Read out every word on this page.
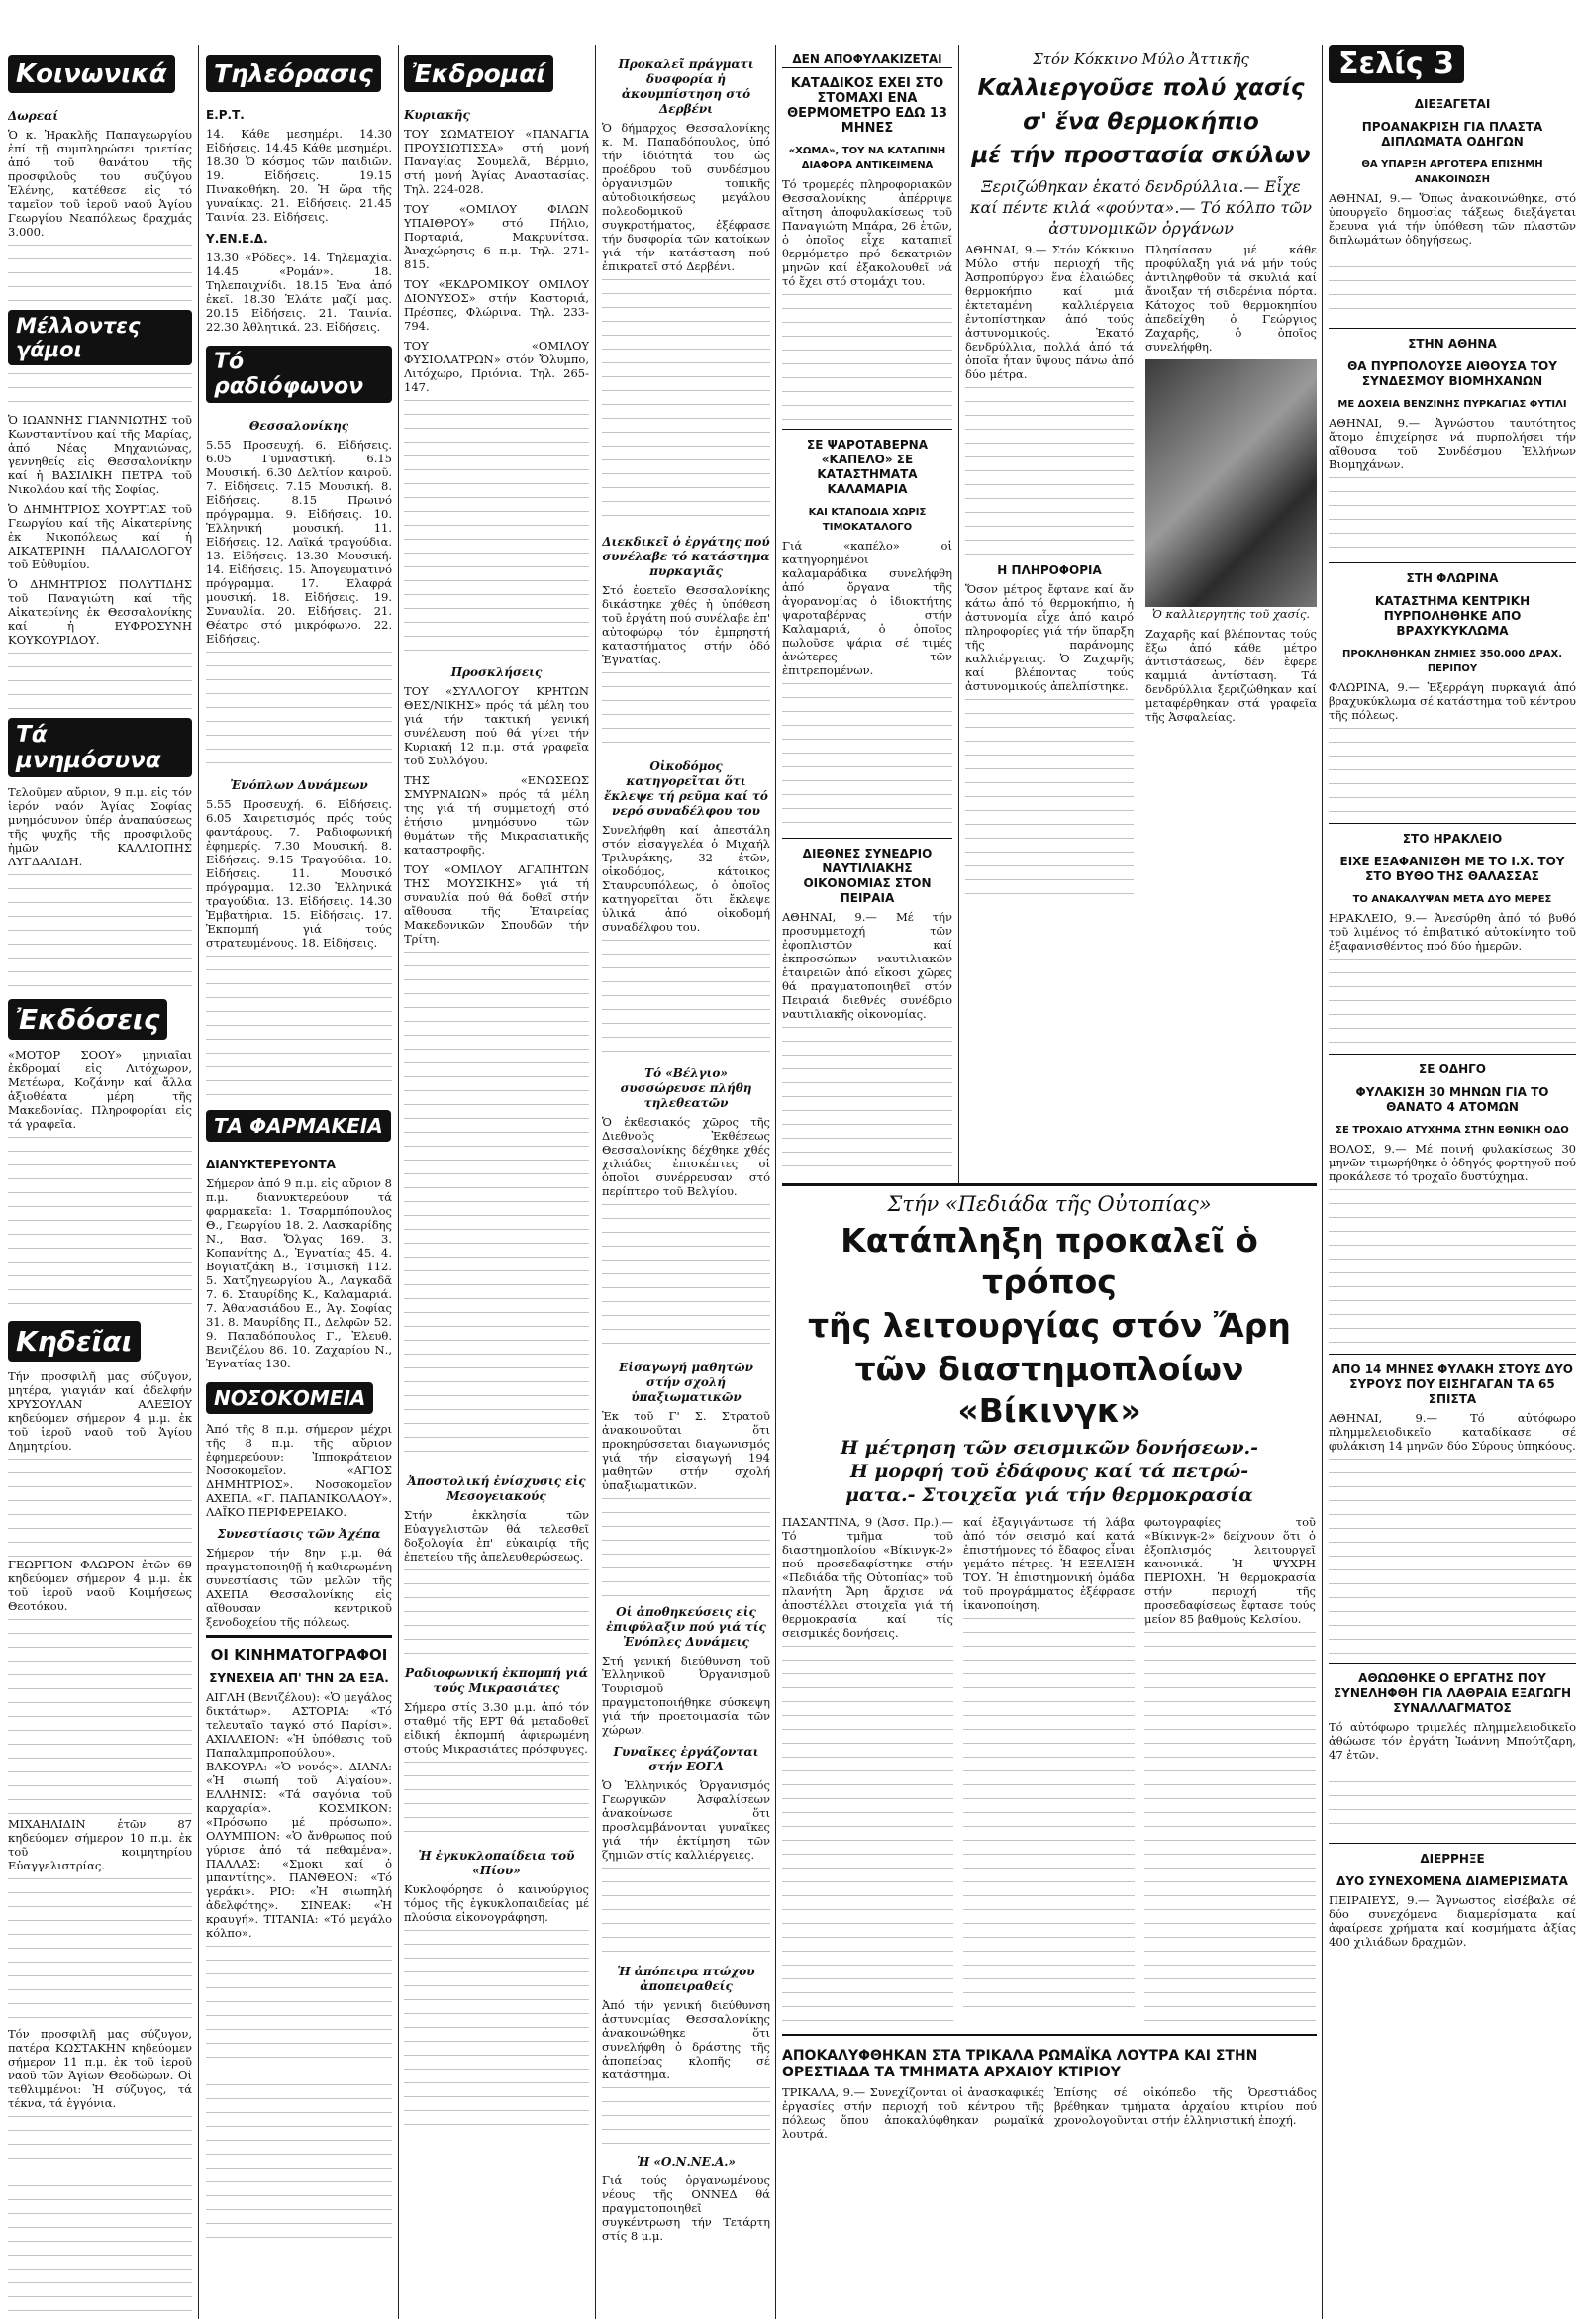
Κοινωνικά
Δωρεαί

Ὁ κ. Ἡρακλῆς Παπαγεωργίου ἐπί τῇ συμπληρώσει τριετίας ἀπό τοῦ θανάτου τῆς προσφιλοῦς του συζύγου Ἐλένης, κατέθεσε εἰς τό ταμεῖον τοῦ ἱεροῦ ναοῦ Ἁγίου Γεωργίου Νεαπόλεως δραχμάς 3.000.

Μέλλοντες γάμοι

Ὁ ΙΩΑΝΝΗΣ ΓΙΑΝΝΙΩΤΗΣ τοῦ Κωνσταντίνου καί τῆς Μαρίας, ἀπό Νέας Μηχανιώνας, γεννηθείς εἰς Θεσσαλονίκην καί ἡ ΒΑΣΙΛΙΚΗ ΠΕΤΡΑ τοῦ Νικολάου καί τῆς Σοφίας.

Ὁ ΔΗΜΗΤΡΙΟΣ ΧΟΥΡΤΙΑΣ τοῦ Γεωργίου καί τῆς Αἰκατερίνης ἐκ Νικοπόλεως καί ἡ ΑΙΚΑΤΕΡΙΝΗ ΠΑΛΑΙΟΛΟΓΟΥ τοῦ Εὐθυμίου.

Ὁ ΔΗΜΗΤΡΙΟΣ ΠΟΛΥΤΙΔΗΣ τοῦ Παναγιώτη καί τῆς Αἰκατερίνης ἐκ Θεσσαλονίκης καί ἡ ΕΥΦΡΟΣΥΝΗ ΚΟΥΚΟΥΡΙΔΟΥ.

Τά μνημόσυνα

Τελοῦμεν αὔριον, 9 π.μ. εἰς τόν ἱερόν ναόν Ἁγίας Σοφίας μνημόσυνον ὑπέρ ἀναπαύσεως τῆς ψυχῆς τῆς προσφιλοῦς ἡμῶν ΚΑΛΛΙΟΠΗΣ ΛΥΓΔΑΛΙΔΗ.

Ἐκδόσεις

«ΜΟΤΟΡ ΣΟΟΥ» μηνιαῖαι ἐκδρομαί εἰς Λιτόχωρον, Μετέωρα, Κοζάνην καί ἄλλα ἀξιοθέατα μέρη τῆς Μακεδονίας. Πληροφορίαι εἰς τά γραφεῖα.

Κηδεῖαι

Τήν προσφιλῆ μας σύζυγον, μητέρα, γιαγιάν καί ἀδελφήν ΧΡΥΣΟΥΛΑΝ ΑΛΕΞΙΟΥ κηδεύομεν σήμερον 4 μ.μ. ἐκ τοῦ ἱεροῦ ναοῦ τοῦ Ἁγίου Δημητρίου.

ΓΕΩΡΓΙΟΝ ΦΛΩΡΟΝ ἐτῶν 69 κηδεύομεν σήμερον 4 μ.μ. ἐκ τοῦ ἱεροῦ ναοῦ Κοιμήσεως Θεοτόκου.

ΜΙΧΑΗΛΙΔΙΝ ἐτῶν 87 κηδεύομεν σήμερον 10 π.μ. ἐκ τοῦ κοιμητηρίου Εὐαγγελιστρίας.

Τόν προσφιλῆ μας σύζυγον, πατέρα ΚΩΣΤΑΚΗΝ κηδεύομεν σήμερον 11 π.μ. ἐκ τοῦ ἱεροῦ ναοῦ τῶν Ἁγίων Θεοδώρων. Οἱ τεθλιμμένοι: Ἡ σύζυγος, τά τέκνα, τά ἐγγόνια.

Τηλεόρασις
Ε.Ρ.Τ.

14. Κάθε μεσημέρι. 14.30 Εἰδήσεις. 14.45 Κάθε μεσημέρι. 18.30 Ὁ κόσμος τῶν παιδιῶν. 19. Εἰδήσεις. 19.15 Πινακοθήκη. 20. Ἡ ὥρα τῆς γυναίκας. 21. Εἰδήσεις. 21.45 Ταινία. 23. Εἰδήσεις.

Υ.ΕΝ.Ε.Δ.

13.30 «Ρόδες». 14. Τηλεμαχία. 14.45 «Ρομάν». 18. Τηλεπαιχνίδι. 18.15 Ἐνα ἀπό ἐκεῖ. 18.30 Ἐλάτε μαζί μας. 20.15 Εἰδήσεις. 21. Ταινία. 22.30 Ἀθλητικά. 23. Εἰδήσεις.

Τό ραδιόφωνον
Θεσσαλονίκης

5.55 Προσευχή. 6. Εἰδήσεις. 6.05 Γυμναστική. 6.15 Μουσική. 6.30 Δελτίον καιροῦ. 7. Εἰδήσεις. 7.15 Μουσική. 8. Εἰδήσεις. 8.15 Πρωινό πρόγραμμα. 9. Εἰδήσεις. 10. Ἑλληνική μουσική. 11. Εἰδήσεις. 12. Λαϊκά τραγούδια. 13. Εἰδήσεις. 13.30 Μουσική. 14. Εἰδήσεις. 15. Ἀπογευματινό πρόγραμμα. 17. Ἐλαφρά μουσική. 18. Εἰδήσεις. 19. Συναυλία. 20. Εἰδήσεις. 21. Θέατρο στό μικρόφωνο. 22. Εἰδήσεις.

Ἐνόπλων Δυνάμεων

5.55 Προσευχή. 6. Εἰδήσεις. 6.05 Χαιρετισμός πρός τούς φαντάρους. 7. Ραδιοφωνική ἐφημερίς. 7.30 Μουσική. 8. Εἰδήσεις. 9.15 Τραγούδια. 10. Εἰδήσεις. 11. Μουσικό πρόγραμμα. 12.30 Ἐλληνικά τραγούδια. 13. Εἰδήσεις. 14.30 Ἐμβατήρια. 15. Εἰδήσεις. 17. Ἐκπομπή γιά τούς στρατευμένους. 18. Εἰδήσεις.

ΤΑ ΦΑΡΜΑΚΕΙΑ
ΔΙΑΝΥΚΤΕΡΕΥΟΝΤΑ

Σήμερον ἀπό 9 π.μ. εἰς αὔριον 8 π.μ. διανυκτερεύουν τά φαρμακεῖα: 1. Τσαρμπόπουλος Θ., Γεωργίου 18. 2. Λασκαρίδης Ν., Βασ. Ὄλγας 169. 3. Κοπανίτης Δ., Ἐγνατίας 45. 4. Βογιατζάκη Β., Τσιμισκῆ 112. 5. Χατζηγεωργίου Ἀ., Λαγκαδᾶ 7. 6. Σταυρίδης Κ., Καλαμαριά. 7. Ἀθανασιάδου Ε., Ἁγ. Σοφίας 31. 8. Μαυρίδης Π., Δελφῶν 52. 9. Παπαδόπουλος Γ., Ἐλευθ. Βενιζέλου 86. 10. Ζαχαρίου Ν., Ἐγνατίας 130.

ΝΟΣΟΚΟΜΕΙΑ

Ἀπό τῆς 8 π.μ. σήμερον μέχρι τῆς 8 π.μ. τῆς αὔριον ἐφημερεύουν: Ἰπποκράτειον Νοσοκομεῖον. «ΑΓΙΟΣ ΔΗΜΗΤΡΙΟΣ». Νοσοκομεῖον ΑΧΕΠΑ. «Γ. ΠΑΠΑΝΙΚΟΛΑΟΥ». ΛΑΪΚΟ ΠΕΡΙΦΕΡΕΙΑΚΟ.

Συνεστίασις τῶν Ἀχέπα

Σήμερον τήν 8ην μ.μ. θά πραγματοποιηθῇ ἡ καθιερωμένη συνεστίασις τῶν μελῶν τῆς ΑΧΕΠΑ Θεσσαλονίκης εἰς αἴθουσαν κεντρικοῦ ξενοδοχείου τῆς πόλεως.

ΟΙ ΚΙΝΗΜΑΤΟΓΡΑΦΟΙ
ΣΥΝΕΧΕΙΑ ΑΠ' ΤΗΝ 2Α ΕΞΑ.

ΑΙΓΛΗ (Βενιζέλου): «Ὁ μεγάλος δικτάτωρ». ΑΣΤΟΡΙΑ: «Τό τελευταῖο ταγκό στό Παρίσι». ΑΧΙΛΛΕΙΟΝ: «Ἡ ὑπόθεσις τοῦ Παπαλαμπροπούλου». ΒΑΚΟΥΡΑ: «Ὁ νονός». ΔΙΑΝΑ: «Ἡ σιωπή τοῦ Αἰγαίου». ΕΛΛΗΝΙΣ: «Τά σαγόνια τοῦ καρχαρία». ΚΟΣΜΙΚΟΝ: «Πρόσωπο μέ πρόσωπο». ΟΛΥΜΠΙΟΝ: «Ὁ ἄνθρωπος πού γύρισε ἀπό τά πεθαμένα». ΠΑΛΛΑΣ: «Σμοκι καί ὁ μπαντίτης». ΠΑΝΘΕΟΝ: «Τό γεράκι». ΡΙΟ: «Ἡ σιωπηλή ἀδελφότης». ΣΙΝΕΑΚ: «Ἡ κραυγή». ΤΙΤΑΝΙΑ: «Τό μεγάλο κόλπο».

Ἐκδρομαί
Κυριακῆς

ΤΟΥ ΣΩΜΑΤΕΙΟΥ «ΠΑΝΑΓΙΑ ΠΡΟΥΣΙΩΤΙΣΣΑ» στή μονή Παναγίας Σουμελᾶ, Βέρμιο, στή μονή Ἁγίας Αναστασίας. Τηλ. 224-028.

ΤΟΥ «ΟΜΙΛΟΥ ΦΙΛΩΝ ΥΠΑΙΘΡΟΥ» στό Πήλιο, Πορταριά, Μακρυνίτσα. Ἀναχώρησις 6 π.μ. Τηλ. 271-815.

ΤΟΥ «ΕΚΔΡΟΜΙΚΟΥ ΟΜΙΛΟΥ ΔΙΟΝΥΣΟΣ» στήν Καστοριά, Πρέσπες, Φλώρινα. Τηλ. 233-794.

ΤΟΥ «ΟΜΙΛΟΥ ΦΥΣΙΟΛΑΤΡΩΝ» στόν Ὄλυμπο, Λιτόχωρο, Πριόνια. Τηλ. 265-147.

Προσκλήσεις

ΤΟΥ «ΣΥΛΛΟΓΟΥ ΚΡΗΤΩΝ ΘΕΣ/ΝΙΚΗΣ» πρός τά μέλη του γιά τήν τακτική γενική συνέλευση πού θά γίνει τήν Κυριακή 12 π.μ. στά γραφεῖα τοῦ Συλλόγου.

ΤΗΣ «ΕΝΩΣΕΩΣ ΣΜΥΡΝΑΙΩΝ» πρός τά μέλη της γιά τή συμμετοχή στό ἐτήσιο μνημόσυνο τῶν θυμάτων τῆς Μικρασιατικῆς καταστροφῆς.

ΤΟΥ «ΟΜΙΛΟΥ ΑΓΑΠΗΤΩΝ ΤΗΣ ΜΟΥΣΙΚΗΣ» γιά τή συναυλία πού θά δοθεῖ στήν αἴθουσα τῆς Ἑταιρείας Μακεδονικῶν Σπουδῶν τήν Τρίτη.

Ἀποστολική ἐνίσχυσις εἰς Μεσογειακούς

Στήν ἐκκλησία τῶν Εὐαγγελιστῶν θά τελεσθεῖ δοξολογία ἐπ' εὐκαιρίᾳ τῆς ἐπετείου τῆς ἀπελευθερώσεως.

Ραδιοφωνική ἐκπομπή γιά τούς Μικρασιάτες

Σήμερα στίς 3.30 μ.μ. ἀπό τόν σταθμό τῆς ΕΡΤ θά μεταδοθεῖ εἰδική ἐκπομπή ἀφιερωμένη στούς Μικρασιάτες πρόσφυγες.

Ἡ ἐγκυκλοπαίδεια τοῦ «Πίου»

Κυκλοφόρησε ὁ καινούργιος τόμος τῆς ἐγκυκλοπαιδείας μέ πλούσια εἰκονογράφηση.

Προκαλεῖ πράγματι δυσφορία ἡ ἀκουμπίστηση στό Δερβένι

Ὁ δήμαρχος Θεσσαλονίκης κ. Μ. Παπαδόπουλος, ὑπό τήν ἰδιότητά του ὡς προέδρου τοῦ συνδέσμου ὀργανισμῶν τοπικῆς αὐτοδιοικήσεως μεγάλου πολεοδομικοῦ συγκροτήματος, ἐξέφρασε τήν δυσφορία τῶν κατοίκων γιά τήν κατάσταση πού ἐπικρατεῖ στό Δερβένι.

Διεκδικεῖ ὁ ἐργάτης πού συνέλαβε τό κατάστημα πυρκαγιᾶς

Στό ἐφετεῖο Θεσσαλονίκης δικάστηκε χθές ἡ ὑπόθεση τοῦ ἐργάτη πού συνέλαβε ἐπ' αὐτοφώρῳ τόν ἐμπρηστή καταστήματος στήν ὁδό Ἐγνατίας.

Οἰκοδόμος κατηγορεῖται ὅτι ἔκλεψε τή ρεῦμα καί τό νερό συναδέλφου του

Συνελήφθη καί ἀπεστάλη στόν εἰσαγγελέα ὁ Μιχαήλ Τριλυράκης, 32 ἐτῶν, οἰκοδόμος, κάτοικος Σταυρουπόλεως, ὁ ὁποῖος κατηγορεῖται ὅτι ἔκλεψε ὑλικά ἀπό οἰκοδομή συναδέλφου του.

Τό «Βέλγιο» συσσώρευσε πλήθη τηλεθεατῶν

Ὁ ἐκθεσιακός χῶρος τῆς Διεθνοῦς Ἐκθέσεως Θεσσαλονίκης δέχθηκε χθές χιλιάδες ἐπισκέπτες οἱ ὁποῖοι συνέρρευσαν στό περίπτερο τοῦ Βελγίου.

Εἰσαγωγή μαθητῶν στήν σχολή ὑπαξιωματικῶν

Ἐκ τοῦ Γ' Σ. Στρατοῦ ἀνακοινοῦται ὅτι προκηρύσσεται διαγωνισμός γιά τήν εἰσαγωγή 194 μαθητῶν στήν σχολή ὑπαξιωματικῶν.

Οἱ ἀποθηκεύσεις εἰς ἐπιφύλαξιν πού γιά τίς Ἐνόπλες Δυνάμεις

Στή γενική διεύθυνση τοῦ Ἐλληνικοῦ Ὀργανισμοῦ Τουρισμοῦ πραγματοποιήθηκε σύσκεψη γιά τήν προετοιμασία τῶν χώρων.

Γυναῖκες ἐργάζονται στήν ΕΟΓΑ

Ὁ Ἐλληνικός Ὀργανισμός Γεωργικῶν Ἀσφαλίσεων ἀνακοίνωσε ὅτι προσλαμβάνονται γυναῖκες γιά τήν ἐκτίμηση τῶν ζημιῶν στίς καλλιέργειες.

Ἡ ἀπόπειρα πτώχου ἀποπειραθείς

Ἀπό τήν γενική διεύθυνση ἀστυνομίας Θεσσαλονίκης ἀνακοινώθηκε ὅτι συνελήφθη ὁ δράστης τῆς ἀποπείρας κλοπῆς σέ κατάστημα.

Ἡ «Ο.Ν.ΝΕ.Α.»

Γιά τούς ὀργανωμένους νέους τῆς ΟΝΝΕΔ θά πραγματοποιηθεῖ συγκέντρωση τήν Τετάρτη στίς 8 μ.μ.

ΔΕΝ ΑΠΟΦΥΛΑΚΙΖΕΤΑΙ
ΚΑΤΑΔΙΚΟΣ ΕΧΕΙ ΣΤΟ ΣΤΟΜΑΧΙ ΕΝΑ ΘΕΡΜΟΜΕΤΡΟ ΕΔΩ 13 ΜΗΝΕΣ
«ΧΩΜΑ», ΤΟΥ ΝΑ ΚΑΤΑΠΙΝΗ ΔΙΑΦΟΡΑ ΑΝΤΙΚΕΙΜΕΝΑ

Τό τρομερές πληροφοριακῶν Θεσσαλονίκης ἀπέρριψε αἴτηση ἀποφυλακίσεως τοῦ Παναγιώτη Μπάρα, 26 ἐτῶν, ὁ ὁποῖος εἶχε καταπιεῖ θερμόμετρο πρό δεκατριῶν μηνῶν καί ἐξακολουθεῖ νά τό ἔχει στό στομάχι του.

ΣΕ ΨΑΡΟΤΑΒΕΡΝΑ «ΚΑΠΕΛΟ» ΣΕ ΚΑΤΑΣΤΗΜΑΤΑ ΚΑΛΑΜΑΡΙΑ
ΚΑΙ ΚΤΑΠΟΔΙΑ ΧΩΡΙΣ ΤΙΜΟΚΑΤΑΛΟΓΟ

Γιά «καπέλο» οἱ κατηγορημένοι καλαμαράδικα συνελήφθη ἀπό ὄργανα τῆς ἀγορανομίας ὁ ἰδιοκτήτης ψαροταβέρνας στήν Καλαμαριά, ὁ ὁποῖος πωλοῦσε ψάρια σέ τιμές ἀνώτερες τῶν ἐπιτρεπομένων.

ΔΙΕΘΝΕΣ ΣΥΝΕΔΡΙΟ ΝΑΥΤΙΛΙΑΚΗΣ ΟΙΚΟΝΟΜΙΑΣ ΣΤΟΝ ΠΕΙΡΑΙΑ

ΑΘΗΝΑΙ, 9.— Μέ τήν προσυμμετοχή τῶν ἐφοπλιστῶν καί ἐκπροσώπων ναυτιλιακῶν ἑταιρειῶν ἀπό εἴκοσι χῶρες θά πραγματοποιηθεῖ στόν Πειραιά διεθνές συνέδριο ναυτιλιακῆς οἰκονομίας.

Στόν Κόκκινο Μύλο Ἀττικῆς
Καλλιεργοῦσε πολύ χασίς
σ' ἕνα θερμοκήπιο
μέ τήν προστασία σκύλων
Ξεριζώθηκαν ἑκατό δενδρύλλια.— Εἶχε καί πέντε κιλά «φούντα».— Τό κόλπο τῶν ἀστυνομικῶν ὀργάνων

ΑΘΗΝΑΙ, 9.— Στόν Κόκκινο Μύλο στήν περιοχή τῆς Ἀσπροπύργου ἕνα ἐλαιώδες θερμοκήπιο καί μιά ἐκτεταμένη καλλιέργεια ἐντοπίστηκαν ἀπό τούς ἀστυνομικούς. Ἑκατό δενδρύλλια, πολλά ἀπό τά ὁποῖα ἦταν ὕψους πάνω ἀπό δύο μέτρα.

Η ΠΛΗΡΟΦΟΡΙΑ

Ὅσον μέτρος ἔφτανε καί ἄν κάτω ἀπό τό θερμοκήπιο, ἡ ἀστυνομία εἶχε ἀπό καιρό πληροφορίες γιά τήν ὕπαρξη τῆς παράνομης καλλιέργειας. Ὁ Ζαχαρῆς καί βλέποντας τούς ἀστυνομικούς ἀπελπίστηκε.

Πλησίασαν μέ κάθε προφύλαξη γιά νά μήν τούς ἀντιληφθοῦν τά σκυλιά καί ἄνοιξαν τή σιδερένια πόρτα. Κάτοχος τοῦ θερμοκηπίου ἀπεδείχθη ὁ Γεώργιος Ζαχαρῆς, ὁ ὁποῖος συνελήφθη.

Ὁ καλλιεργητής τοῦ χασίς.

Ζαχαρῆς καί βλέποντας τούς ἔξω ἀπό κάθε μέτρο ἀντιστάσεως, δέν ἔφερε καμμιά ἀντίσταση. Τά δενδρύλλια ξεριζώθηκαν καί μεταφέρθηκαν στά γραφεῖα τῆς Ἀσφαλείας.

Σελίς 3
ΔΙΕΞΑΓΕΤΑΙ
ΠΡΟΑΝΑΚΡΙΣΗ ΓΙΑ ΠΛΑΣΤΑ ΔΙΠΛΩΜΑΤΑ ΟΔΗΓΩΝ
ΘΑ ΥΠΑΡΞΗ ΑΡΓΟΤΕΡΑ ΕΠΙΣΗΜΗ ΑΝΑΚΟΙΝΩΣΗ

ΑΘΗΝΑΙ, 9.— Ὅπως ἀνακοινώθηκε, στό ὑπουργεῖο δημοσίας τάξεως διεξάγεται ἔρευνα γιά τήν ὑπόθεση τῶν πλαστῶν διπλωμάτων ὁδηγήσεως.

ΣΤΗΝ ΑΘΗΝΑ
ΘΑ ΠΥΡΠΟΛΟΥΣΕ ΑΙΘΟΥΣΑ ΤΟΥ ΣΥΝΔΕΣΜΟΥ ΒΙΟΜΗΧΑΝΩΝ
ΜΕ ΔΟΧΕΙΑ ΒΕΝΖΙΝΗΣ ΠΥΡΚΑΓΙΑΣ ΦΥΤΙΛΙ

ΑΘΗΝΑΙ, 9.— Ἀγνώστου ταυτότητος ἄτομο ἐπιχείρησε νά πυρπολήσει τήν αἴθουσα τοῦ Συνδέσμου Ἑλλήνων Βιομηχάνων.

ΣΤΗ ΦΛΩΡΙΝΑ
ΚΑΤΑΣΤΗΜΑ ΚΕΝΤΡΙΚΗ ΠΥΡΠΟΛΗΘΗΚΕ ΑΠΟ ΒΡΑΧΥΚΥΚΛΩΜΑ
ΠΡΟΚΛΗΘΗΚΑΝ ΖΗΜΙΕΣ 350.000 ΔΡΑΧ. ΠΕΡΙΠΟΥ

ΦΛΩΡΙΝΑ, 9.— Ἐξερράγη πυρκαγιά ἀπό βραχυκύκλωμα σέ κατάστημα τοῦ κέντρου τῆς πόλεως.

ΣΤΟ ΗΡΑΚΛΕΙΟ
ΕΙΧΕ ΕΞΑΦΑΝΙΣΘΗ ΜΕ ΤΟ Ι.Χ. ΤΟΥ ΣΤΟ ΒΥΘΟ ΤΗΣ ΘΑΛΑΣΣΑΣ
ΤΟ ΑΝΑΚΑΛΥΨΑΝ ΜΕΤΑ ΔΥΟ ΜΕΡΕΣ

ΗΡΑΚΛΕΙΟ, 9.— Ἀνεσύρθη ἀπό τό βυθό τοῦ λιμένος τό ἐπιβατικό αὐτοκίνητο τοῦ ἐξαφανισθέντος πρό δύο ἡμερῶν.

ΣΕ ΟΔΗΓΟ
ΦΥΛΑΚΙΣΗ 30 ΜΗΝΩΝ ΓΙΑ ΤΟ ΘΑΝΑΤΟ 4 ΑΤΟΜΩΝ
ΣΕ ΤΡΟΧΑΙΟ ΑΤΥΧΗΜΑ ΣΤΗΝ ΕΘΝΙΚΗ ΟΔΟ

ΒΟΛΟΣ, 9.— Μέ ποινή φυλακίσεως 30 μηνῶν τιμωρήθηκε ὁ ὁδηγός φορτηγοῦ πού προκάλεσε τό τροχαῖο δυστύχημα.

ΑΠΟ 14 ΜΗΝΕΣ ΦΥΛΑΚΗ ΣΤΟΥΣ ΔΥΟ ΣΥΡΟΥΣ ΠΟΥ ΕΙΣΗΓΑΓΑΝ ΤΑ 65 ΣΠΙΣΤΑ

ΑΘΗΝΑΙ, 9.— Τό αὐτόφωρο πλημμελειοδικεῖο καταδίκασε σέ φυλάκιση 14 μηνῶν δύο Σύρους ὑπηκόους.

ΑΘΩΩΘΗΚΕ Ο ΕΡΓΑΤΗΣ ΠΟΥ ΣΥΝΕΛΗΦΘΗ ΓΙΑ ΛΑΘΡΑΙΑ ΕΞΑΓΩΓΗ ΣΥΝΑΛΛΑΓΜΑΤΟΣ

Τό αὐτόφωρο τριμελές πλημμελειοδικεῖο ἀθώωσε τόν ἐργάτη Ἰωάννη Μπούτζαρη, 47 ἐτῶν.

ΔΙΕΡΡΗΞΕ
ΔΥΟ ΣΥΝΕΧΟΜΕΝΑ ΔΙΑΜΕΡΙΣΜΑΤΑ

ΠΕΙΡΑΙΕΥΣ, 9.— Ἄγνωστος εἰσέβαλε σέ δύο συνεχόμενα διαμερίσματα καί ἀφαίρεσε χρήματα καί κοσμήματα ἀξίας 400 χιλιάδων δραχμῶν.

Στήν «Πεδιάδα τῆς Οὐτοπίας»
Κατάπληξη προκαλεῖ ὁ τρόπος
τῆς λειτουργίας στόν Ἄρη
τῶν διαστημοπλοίων «Βίκινγκ»
Η μέτρηση τῶν σεισμικῶν δονήσεων.-
Η μορφή τοῦ ἐδάφους καί τά πετρώ-
ματα.- Στοιχεῖα γιά τήν θερμοκρασία

ΠΑΣΑΝΤΙΝΑ, 9 (Ἀσσ. Πρ.).— Τό τμῆμα τοῦ διαστημοπλοίου «Βίκινγκ-2» πού προσεδαφίστηκε στήν «Πεδιάδα τῆς Οὐτοπίας» τοῦ πλανήτη Ἄρη ἄρχισε νά ἀποστέλλει στοιχεῖα γιά τή θερμοκρασία καί τίς σεισμικές δονήσεις.

καί ἐξαγιγάντωσε τή λάβα ἀπό τόν σεισμό καί κατά ἐπιστήμονες τό ἔδαφος εἶναι γεμάτο πέτρες. Ἡ ΕΞΕΛΙΞΗ ΤΟΥ. Ἡ ἐπιστημονική ὁμάδα τοῦ προγράμματος ἐξέφρασε ἱκανοποίηση.

φωτογραφίες τοῦ «Βίκινγκ-2» δείχνουν ὅτι ὁ ἐξοπλισμός λειτουργεῖ κανονικά. Ἡ ΨΥΧΡΗ ΠΕΡΙΟΧΗ. Ἡ θερμοκρασία στήν περιοχή τῆς προσεδαφίσεως ἔφτασε τούς μείον 85 βαθμούς Κελσίου.

ΑΠΟΚΑΛΥΦΘΗΚΑΝ ΣΤΑ ΤΡΙΚΑΛΑ ΡΩΜΑΪΚΑ ΛΟΥΤΡΑ ΚΑΙ ΣΤΗΝ ΟΡΕΣΤΙΑΔΑ ΤΑ ΤΜΗΜΑΤΑ ΑΡΧΑΙΟΥ ΚΤΙΡΙΟΥ

ΤΡΙΚΑΛΑ, 9.— Συνεχίζονται οἱ ἀνασκαφικές ἐργασίες στήν περιοχή τοῦ κέντρου τῆς πόλεως ὅπου ἀποκαλύφθηκαν ρωμαϊκά λουτρά.

Ἐπίσης σέ οἰκόπεδο τῆς Ὀρεστιάδος βρέθηκαν τμήματα ἀρχαίου κτιρίου πού χρονολογοῦνται στήν ἑλληνιστική ἐποχή.
